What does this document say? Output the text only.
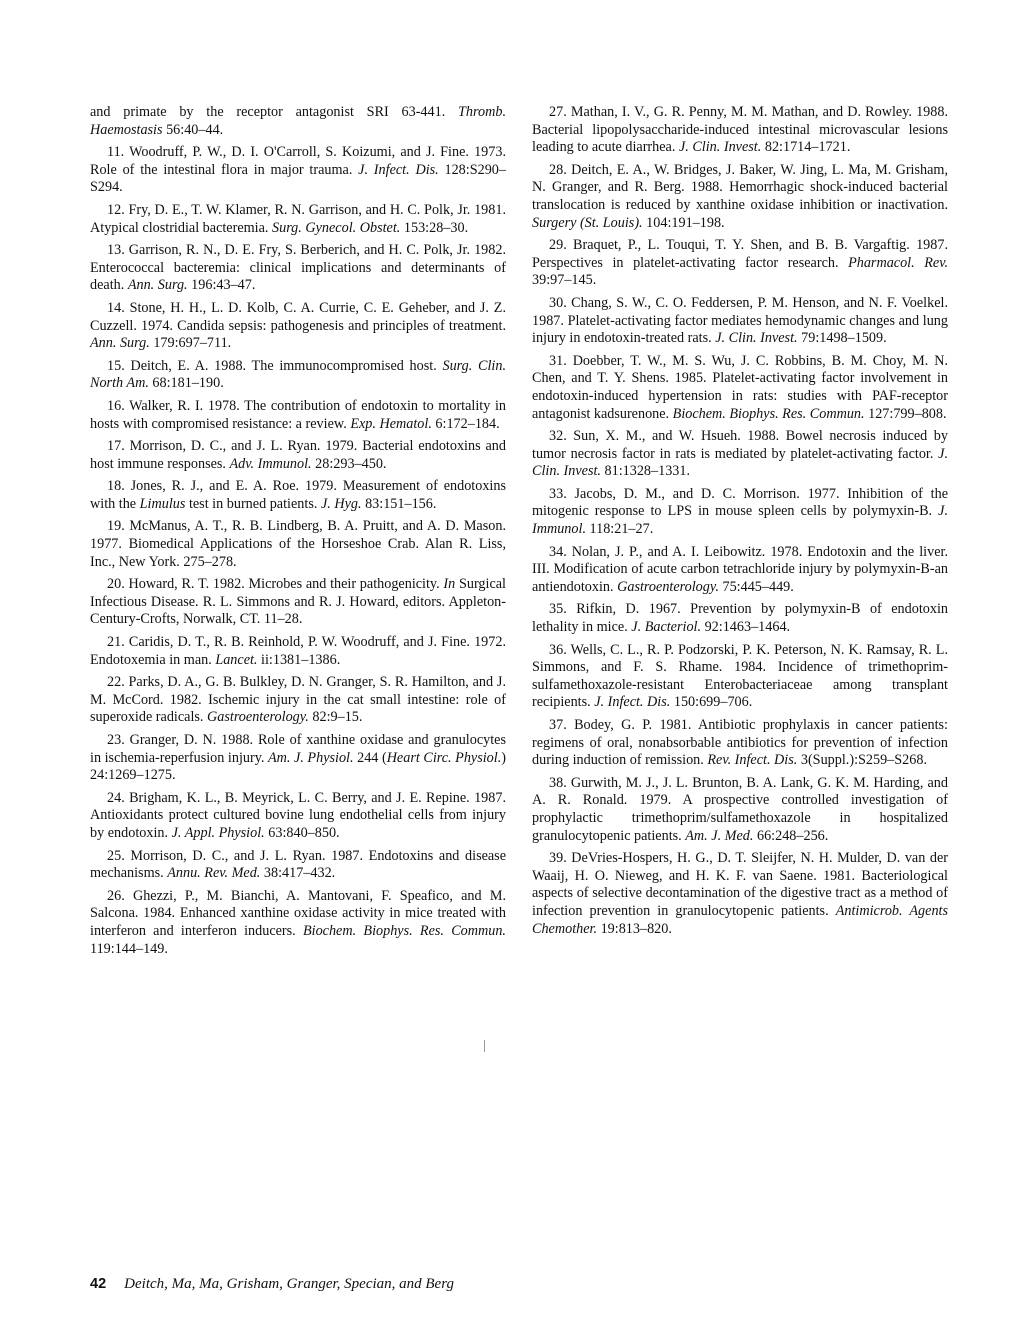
and primate by the receptor antagonist SRI 63-441. Thromb. Haemostasis 56:40–44.

11. Woodruff, P. W., D. I. O'Carroll, S. Koizumi, and J. Fine. 1973. Role of the intestinal flora in major trauma. J. Infect. Dis. 128:S290–S294.

12. Fry, D. E., T. W. Klamer, R. N. Garrison, and H. C. Polk, Jr. 1981. Atypical clostridial bacteremia. Surg. Gynecol. Obstet. 153:28–30.

13. Garrison, R. N., D. E. Fry, S. Berberich, and H. C. Polk, Jr. 1982. Enterococcal bacteremia: clinical implications and determinants of death. Ann. Surg. 196:43–47.

14. Stone, H. H., L. D. Kolb, C. A. Currie, C. E. Geheber, and J. Z. Cuzzell. 1974. Candida sepsis: pathogenesis and principles of treatment. Ann. Surg. 179:697–711.

15. Deitch, E. A. 1988. The immunocompromised host. Surg. Clin. North Am. 68:181–190.

16. Walker, R. I. 1978. The contribution of endotoxin to mortality in hosts with compromised resistance: a review. Exp. Hematol. 6:172–184.

17. Morrison, D. C., and J. L. Ryan. 1979. Bacterial endotoxins and host immune responses. Adv. Immunol. 28:293–450.

18. Jones, R. J., and E. A. Roe. 1979. Measurement of endotoxins with the Limulus test in burned patients. J. Hyg. 83:151–156.

19. McManus, A. T., R. B. Lindberg, B. A. Pruitt, and A. D. Mason. 1977. Biomedical Applications of the Horseshoe Crab. Alan R. Liss, Inc., New York. 275–278.

20. Howard, R. T. 1982. Microbes and their pathogenicity. In Surgical Infectious Disease. R. L. Simmons and R. J. Howard, editors. Appleton-Century-Crofts, Norwalk, CT. 11–28.

21. Caridis, D. T., R. B. Reinhold, P. W. Woodruff, and J. Fine. 1972. Endotoxemia in man. Lancet. ii:1381–1386.

22. Parks, D. A., G. B. Bulkley, D. N. Granger, S. R. Hamilton, and J. M. McCord. 1982. Ischemic injury in the cat small intestine: role of superoxide radicals. Gastroenterology. 82:9–15.

23. Granger, D. N. 1988. Role of xanthine oxidase and granulocytes in ischemia-reperfusion injury. Am. J. Physiol. 244 (Heart Circ. Physiol.) 24:1269–1275.

24. Brigham, K. L., B. Meyrick, L. C. Berry, and J. E. Repine. 1987. Antioxidants protect cultured bovine lung endothelial cells from injury by endotoxin. J. Appl. Physiol. 63:840–850.

25. Morrison, D. C., and J. L. Ryan. 1987. Endotoxins and disease mechanisms. Annu. Rev. Med. 38:417–432.

26. Ghezzi, P., M. Bianchi, A. Mantovani, F. Speafico, and M. Salcona. 1984. Enhanced xanthine oxidase activity in mice treated with interferon and interferon inducers. Biochem. Biophys. Res. Commun. 119:144–149.

27. Mathan, I. V., G. R. Penny, M. M. Mathan, and D. Rowley. 1988. Bacterial lipopolysaccharide-induced intestinal microvascular lesions leading to acute diarrhea. J. Clin. Invest. 82:1714–1721.

28. Deitch, E. A., W. Bridges, J. Baker, W. Jing, L. Ma, M. Grisham, N. Granger, and R. Berg. 1988. Hemorrhagic shock-induced bacterial translocation is reduced by xanthine oxidase inhibition or inactivation. Surgery (St. Louis). 104:191–198.

29. Braquet, P., L. Touqui, T. Y. Shen, and B. B. Vargaftig. 1987. Perspectives in platelet-activating factor research. Pharmacol. Rev. 39:97–145.

30. Chang, S. W., C. O. Feddersen, P. M. Henson, and N. F. Voelkel. 1987. Platelet-activating factor mediates hemodynamic changes and lung injury in endotoxin-treated rats. J. Clin. Invest. 79:1498–1509.

31. Doebber, T. W., M. S. Wu, J. C. Robbins, B. M. Choy, M. N. Chen, and T. Y. Shens. 1985. Platelet-activating factor involvement in endotoxin-induced hypertension in rats: studies with PAF-receptor antagonist kadsurenone. Biochem. Biophys. Res. Commun. 127:799–808.

32. Sun, X. M., and W. Hsueh. 1988. Bowel necrosis induced by tumor necrosis factor in rats is mediated by platelet-activating factor. J. Clin. Invest. 81:1328–1331.

33. Jacobs, D. M., and D. C. Morrison. 1977. Inhibition of the mitogenic response to LPS in mouse spleen cells by polymyxin-B. J. Immunol. 118:21–27.

34. Nolan, J. P., and A. I. Leibowitz. 1978. Endotoxin and the liver. III. Modification of acute carbon tetrachloride injury by polymyxin-B-an antiendotoxin. Gastroenterology. 75:445–449.

35. Rifkin, D. 1967. Prevention by polymyxin-B of endotoxin lethality in mice. J. Bacteriol. 92:1463–1464.

36. Wells, C. L., R. P. Podzorski, P. K. Peterson, N. K. Ramsay, R. L. Simmons, and F. S. Rhame. 1984. Incidence of trimethoprim-sulfamethoxazole-resistant Enterobacteriaceae among transplant recipients. J. Infect. Dis. 150:699–706.

37. Bodey, G. P. 1981. Antibiotic prophylaxis in cancer patients: regimens of oral, nonabsorbable antibiotics for prevention of infection during induction of remission. Rev. Infect. Dis. 3(Suppl.):S259–S268.

38. Gurwith, M. J., J. L. Brunton, B. A. Lank, G. K. M. Harding, and A. R. Ronald. 1979. A prospective controlled investigation of prophylactic trimethoprim/sulfamethoxazole in hospitalized granulocytopenic patients. Am. J. Med. 66:248–256.

39. DeVries-Hospers, H. G., D. T. Sleijfer, N. H. Mulder, D. van der Waaij, H. O. Nieweg, and H. K. F. van Saene. 1981. Bacteriological aspects of selective decontamination of the digestive tract as a method of infection prevention in granulocytopenic patients. Antimicrob. Agents Chemother. 19:813–820.

42 Deitch, Ma, Ma, Grisham, Granger, Specian, and Berg
